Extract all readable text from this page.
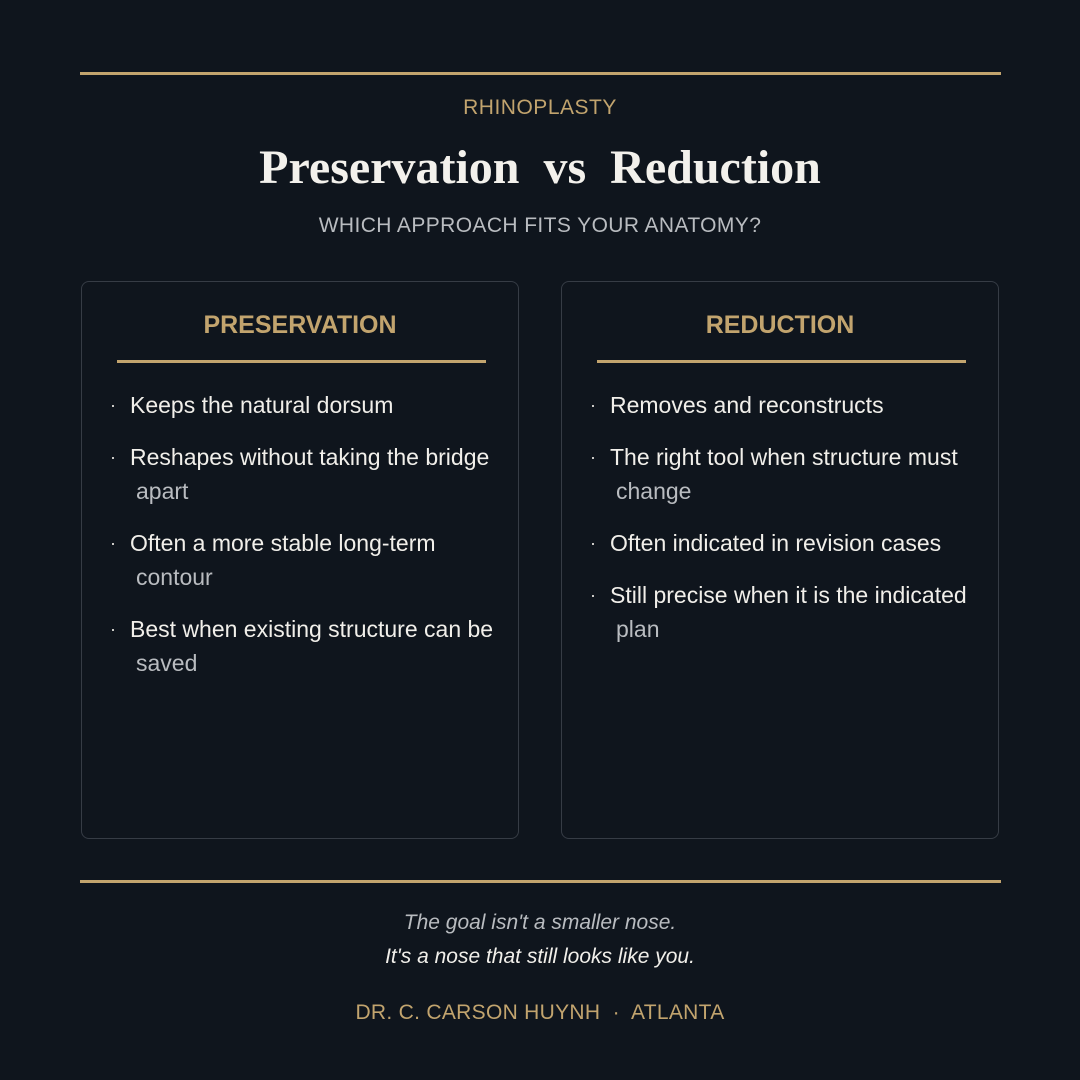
RHINOPLASTY
Preservation  vs  Reduction
WHICH APPROACH FITS YOUR ANATOMY?
PRESERVATION
· Keeps the natural dorsum
· Reshapes without taking the bridge
apart
· Often a more stable long-term
contour
· Best when existing structure can be
saved
REDUCTION
· Removes and reconstructs
· The right tool when structure must
change
· Often indicated in revision cases
· Still precise when it is the indicated
plan
The goal isn't a smaller nose.
It's a nose that still looks like you.
DR. C. CARSON HUYNH  ·  ATLANTA
